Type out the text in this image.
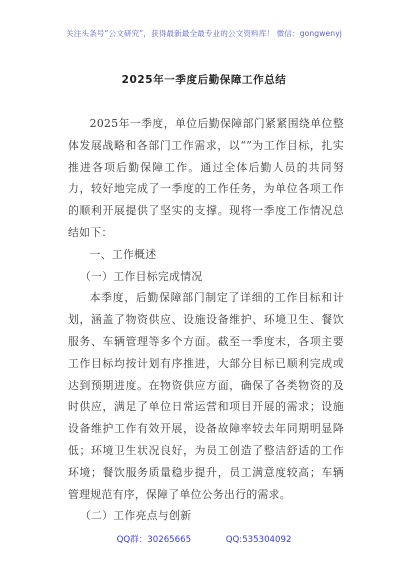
关注头条号“公文研究”，获得最新最全最专业的公文资料库！ 微信：gongwenyj
2025年一季度后勤保障工作总结

2025年一季度，单位后勤保障部门紧紧围绕单位整体发展战略和各部门工作需求，以“”为工作目标，扎实推进各项后勤保障工作。通过全体后勤人员的共同努力，较好地完成了一季度的工作任务，为单位各项工作的顺利开展提供了坚实的支撑。现将一季度工作情况总结如下：

一、工作概述
（一）工作目标完成情况

本季度，后勤保障部门制定了详细的工作目标和计划，涵盖了物资供应、设施设备维护、环境卫生、餐饮服务、车辆管理等多个方面。截至一季度末，各项主要工作目标均按计划有序推进，大部分目标已顺利完成或达到预期进度。在物资供应方面，确保了各类物资的及时供应，满足了单位日常运营和项目开展的需求；设施设备维护工作有效开展，设备故障率较去年同期明显降低；环境卫生状况良好，为员工创造了整洁舒适的工作环境；餐饮服务质量稳步提升，员工满意度较高；车辆管理规范有序，保障了单位公务出行的需求。

（二）工作亮点与创新
QQ群：30265665	QQ:535304092
